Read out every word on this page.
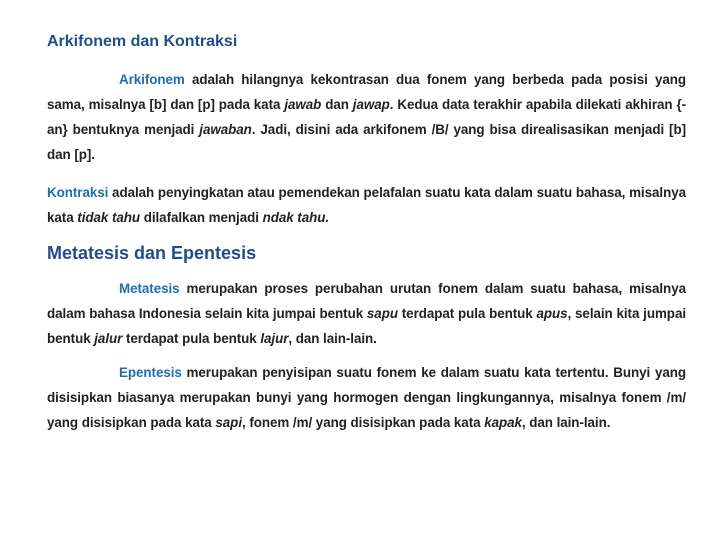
Arkifonem dan Kontraksi

Arkifonem adalah hilangnya kekontrasan dua fonem yang berbeda pada posisi yang sama, misalnya [b] dan [p] pada kata jawab dan jawap. Kedua data terakhir apabila dilekati akhiran {-an} bentuknya menjadi jawaban. Jadi, disini ada arkifonem /B/ yang bisa direalisasikan menjadi [b] dan [p].

Kontraksi adalah penyingkatan atau pemendekan pelafalan suatu kata dalam suatu bahasa, misalnya kata tidak tahu dilafalkan menjadi ndak tahu.

Metatesis dan Epentesis

Metatesis merupakan proses perubahan urutan fonem dalam suatu bahasa, misalnya dalam bahasa Indonesia selain kita jumpai bentuk sapu terdapat pula bentuk apus, selain kita jumpai bentuk jalur terdapat pula bentuk lajur, dan lain-lain.

Epentesis merupakan penyisipan suatu fonem ke dalam suatu kata tertentu. Bunyi yang disisipkan biasanya merupakan bunyi yang hormogen dengan lingkungannya, misalnya fonem /m/ yang disisipkan pada kata sapi, fonem /m/ yang disisipkan pada kata kapak, dan lain-lain.
